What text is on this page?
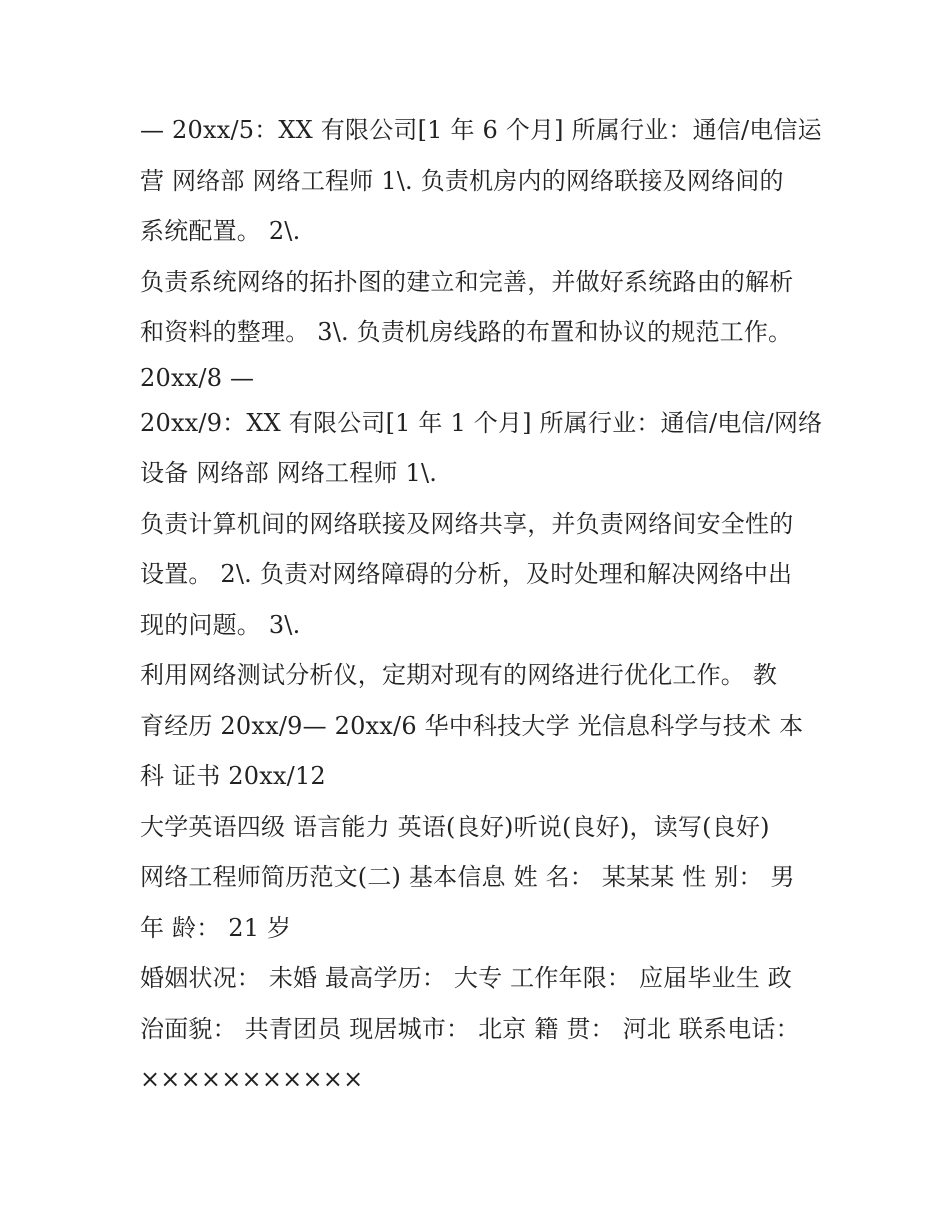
— 20xx/5：XX 有限公司[1 年 6 个月] 所属行业：通信/电信运
营 网络部 网络工程师 1\. 负责机房内的网络联接及网络间的
系统配置。 2\.
负责系统网络的拓扑图的建立和完善，并做好系统路由的解析
和资料的整理。 3\. 负责机房线路的布置和协议的规范工作。
20xx/8 —
20xx/9：XX 有限公司[1 年 1 个月] 所属行业：通信/电信/网络
设备 网络部 网络工程师 1\.
负责计算机间的网络联接及网络共享，并负责网络间安全性的
设置。 2\. 负责对网络障碍的分析，及时处理和解决网络中出
现的问题。 3\.
利用网络测试分析仪，定期对现有的网络进行优化工作。 教
育经历 20xx/9— 20xx/6 华中科技大学 光信息科学与技术 本
科 证书 20xx/12
大学英语四级 语言能力 英语(良好)听说(良好)，读写(良好)
网络工程师简历范文(二) 基本信息 姓 名： 某某某 性 别： 男
年 龄： 21 岁
婚姻状况： 未婚 最高学历： 大专 工作年限： 应届毕业生 政
治面貌： 共青团员 现居城市： 北京 籍 贯： 河北 联系电话：
×××××××××××
